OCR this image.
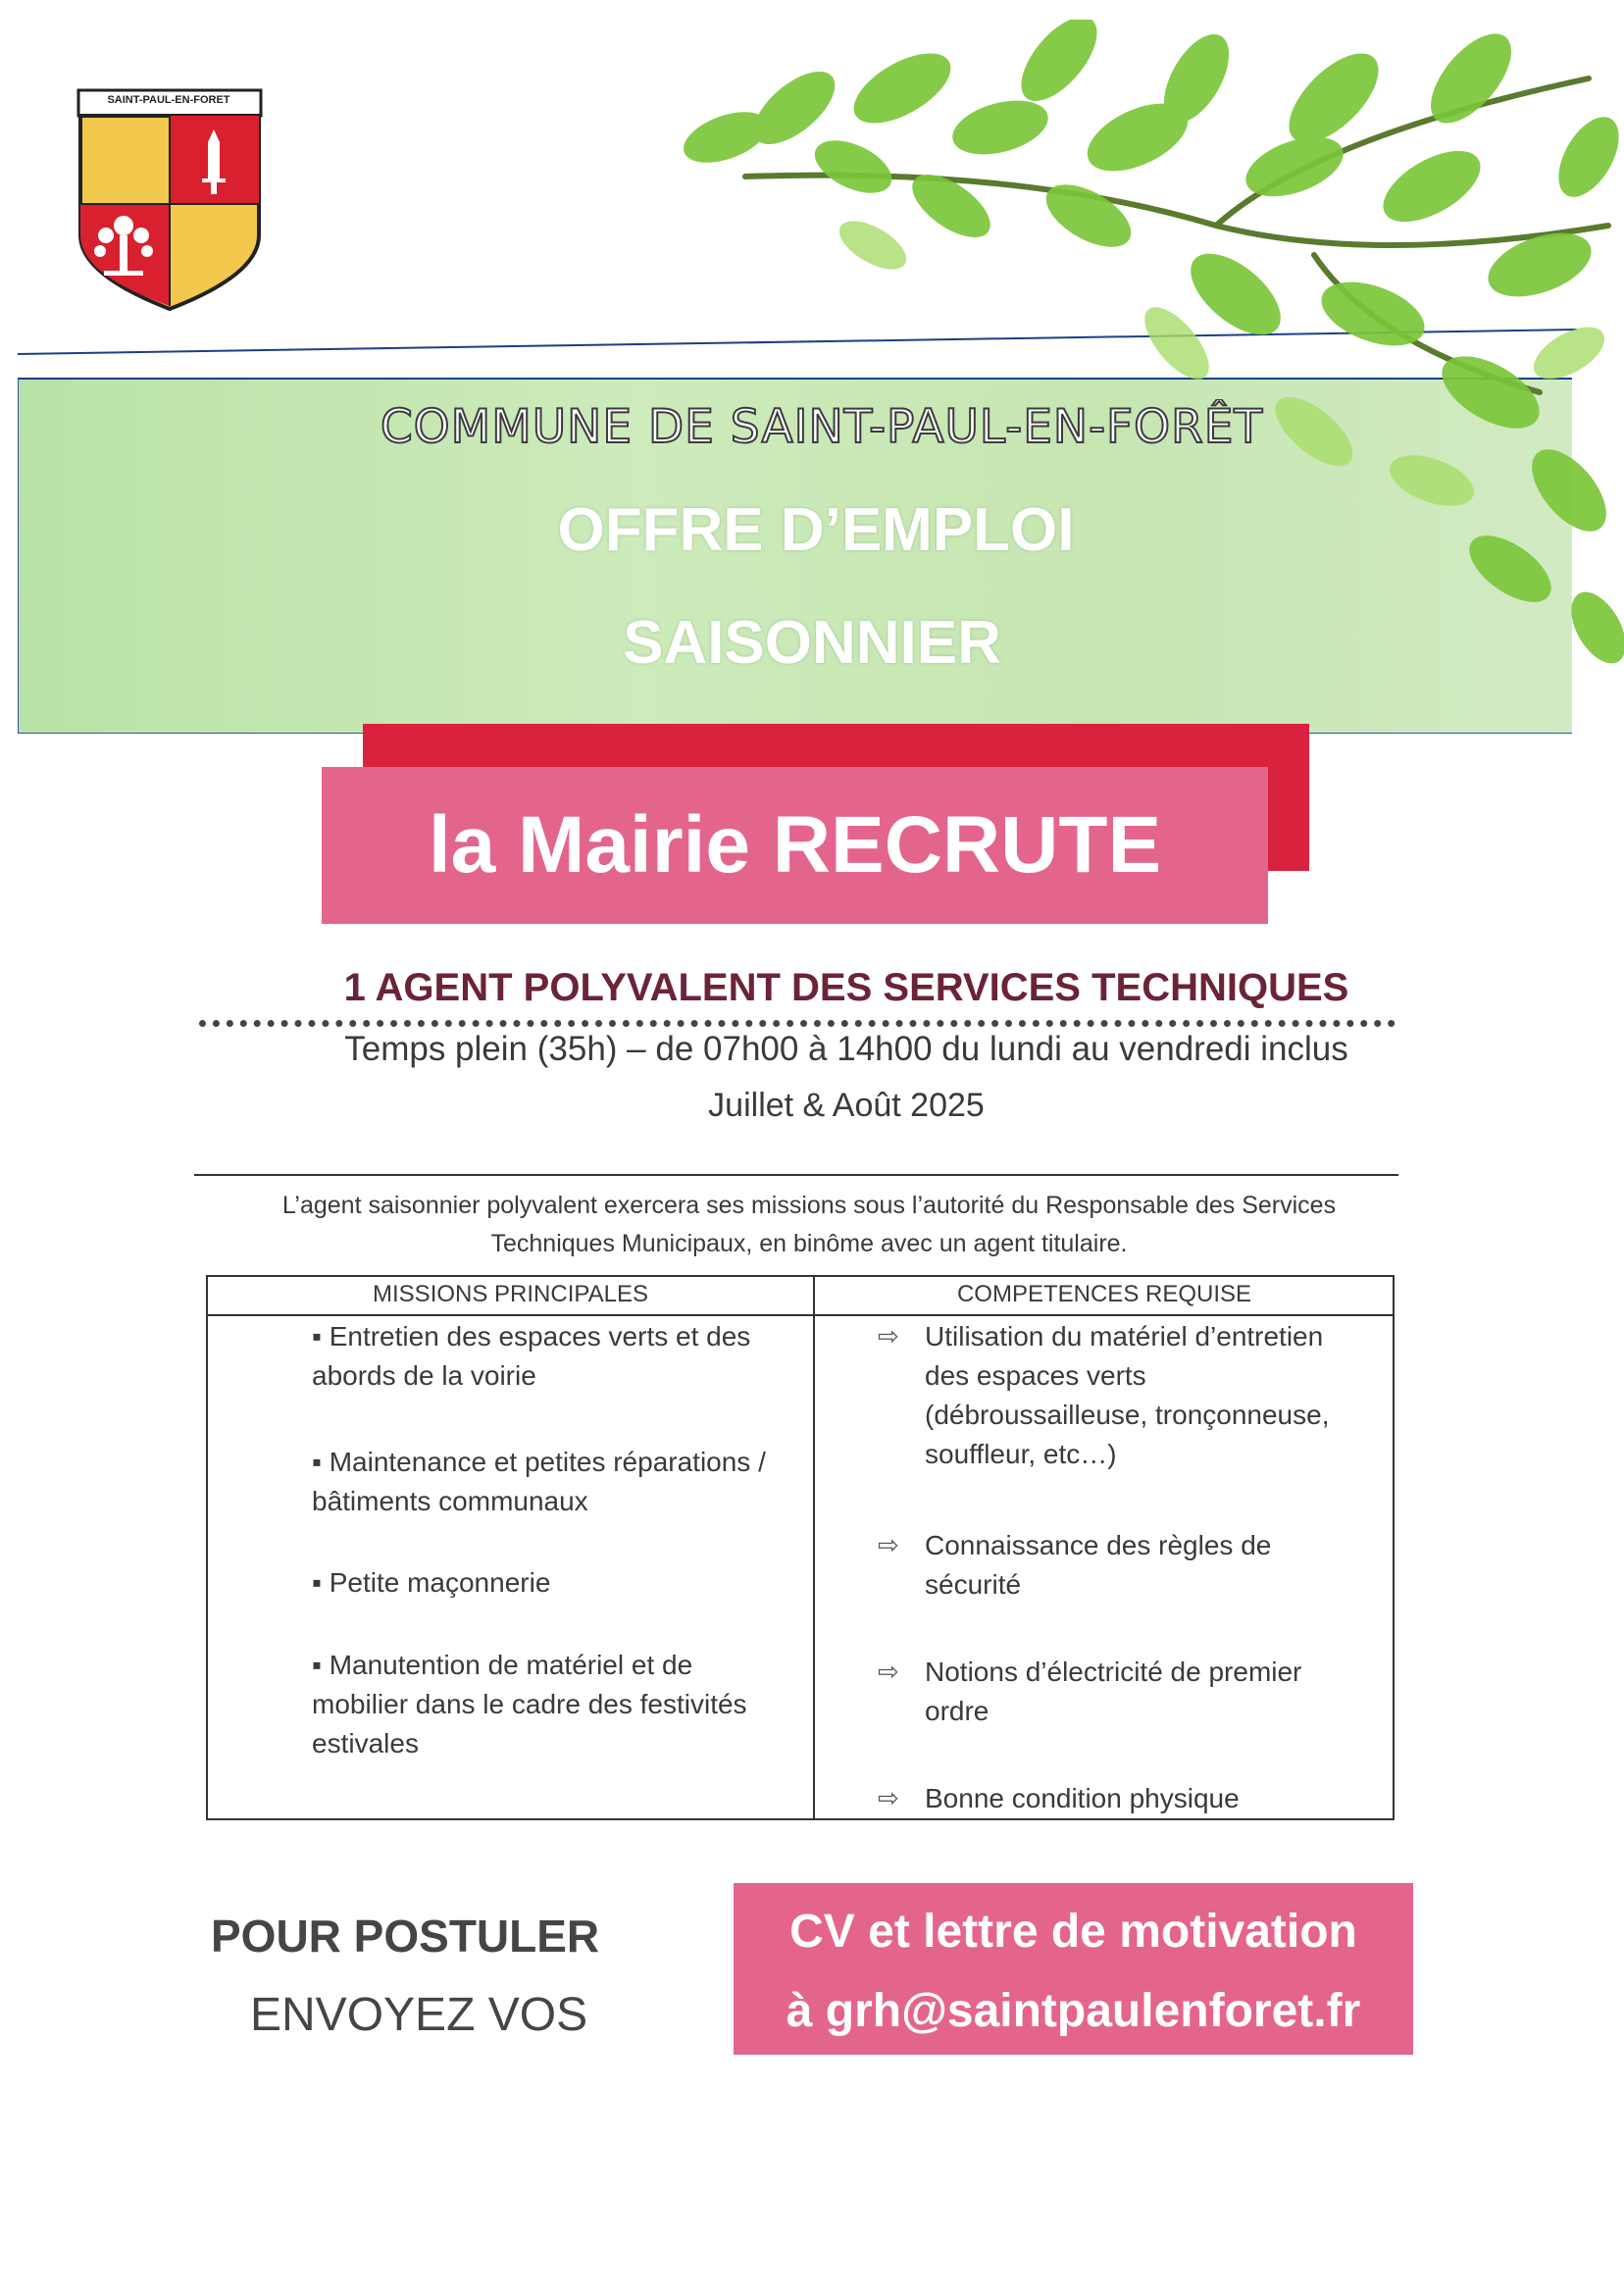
SAINT-PAUL-EN-FORET
COMMUNE DE SAINT-PAUL-EN-FORÊT
OFFRE D’EMPLOI
SAISONNIER
la Mairie RECRUTE
1 AGENT POLYVALENT DES SERVICES TECHNIQUES
Temps plein (35h) – de 07h00 à 14h00 du lundi au vendredi inclus
Juillet & Août 2025
L’agent saisonnier polyvalent exercera ses missions sous l’autorité du Responsable des Services
Techniques Municipaux, en binôme avec un agent titulaire.
MISSIONS PRINCIPALES	COMPETENCES REQUISE
▪ Entretien des espaces verts et des
abords de la voirie
▪ Maintenance et petites réparations /
bâtiments communaux
▪ Petite maçonnerie
▪ Manutention de matériel et de
mobilier dans le cadre des festivités
estivales
⇨ Utilisation du matériel d’entretien
des espaces verts
(débroussailleuse, tronçonneuse,
souffleur, etc…)
⇨ Connaissance des règles de
sécurité
⇨ Notions d’électricité de premier
ordre
⇨ Bonne condition physique
POUR POSTULER
ENVOYEZ VOS
CV et lettre de motivation
à grh@saintpaulenforet.fr
